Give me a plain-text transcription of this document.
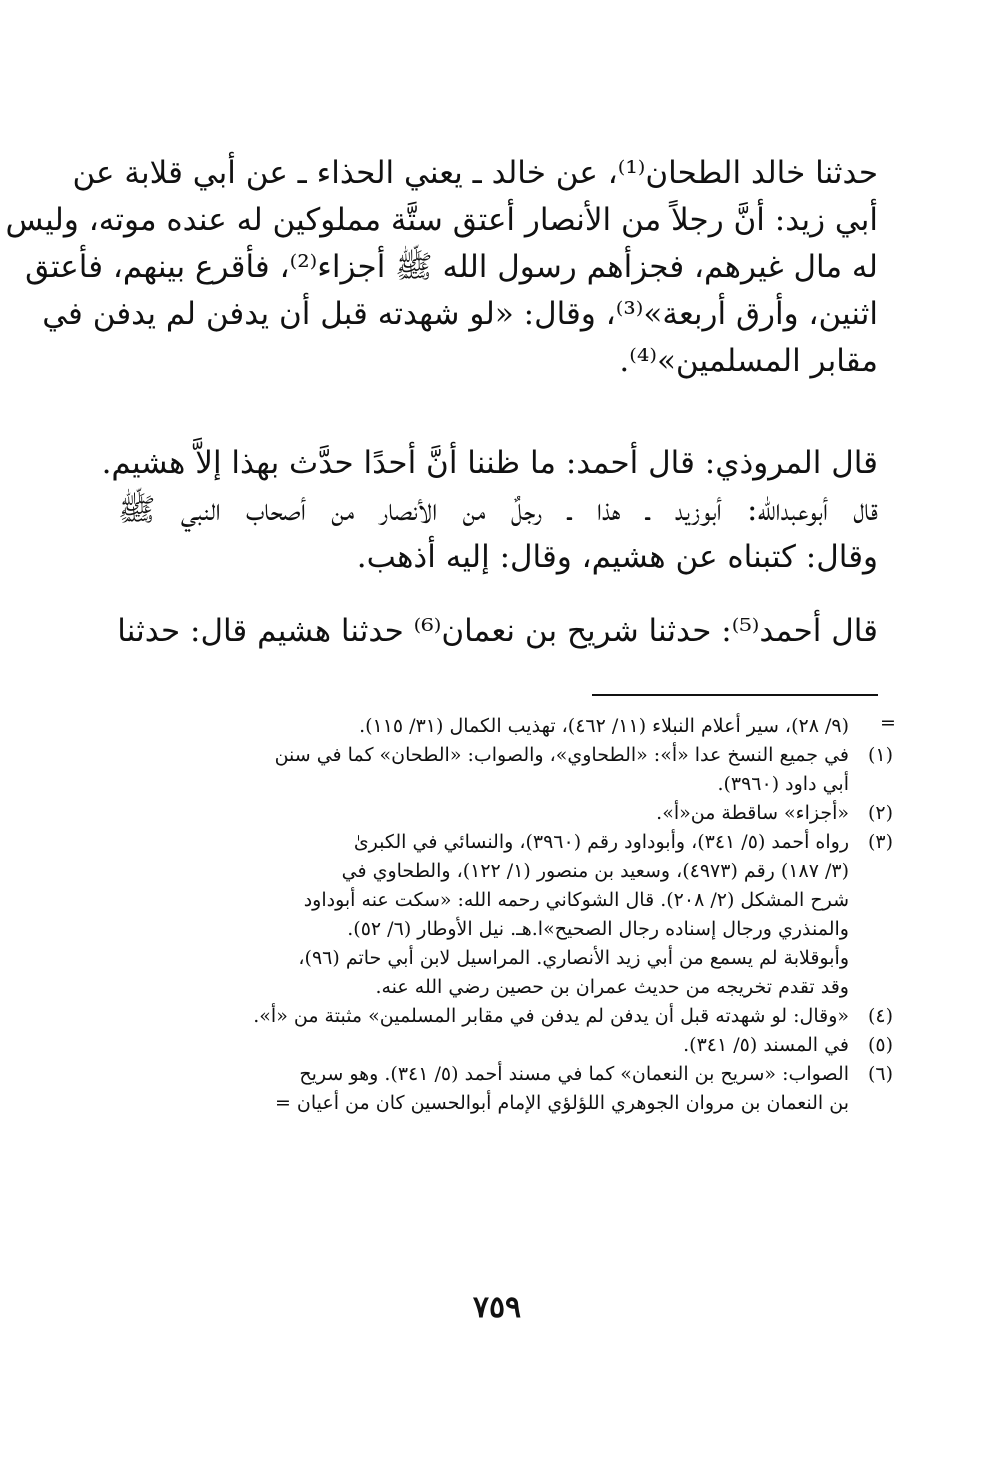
حدثنا خالد الطحان⁽¹⁾، عن خالد ـ يعني الحذاء ـ عن أبي قلابة عن
أبي زيد: أنَّ رجلاً من الأنصار أعتق ستَّة مملوكين له عنده موته، وليس
له مال غيرهم، فجزأهم رسول الله ﷺ أجزاء⁽²⁾، فأقرع بينهم، فأعتق
اثنين، وأرق أربعة»⁽³⁾، وقال: «لو شهدته قبل أن يدفن لم يدفن في
مقابر المسلمين»⁽⁴⁾.
قال المروذي: قال أحمد: ما ظننا أنَّ أحدًا حدَّث بهذا إلاَّ هشيم.
قال أبوعبدالله: أبوزيد ـ هذا ـ رجلٌ من الأنصار من أصحاب النبي ﷺ
وقال: كتبناه عن هشيم، وقال: إليه أذهب.
قال أحمد⁽⁵⁾: حدثنا شريح بن نعمان⁽⁶⁾ حدثنا هشيم قال: حدثنا
=
(٩/ ٢٨)، سير أعلام النبلاء (١١/ ٤٦٢)، تهذيب الكمال (٣١/ ١١٥).
(١)
في جميع النسخ عدا «أ»: «الطحاوي»، والصواب: «الطحان» كما في سنن
أبي داود (٣٩٦٠).
(٢)
«أجزاء» ساقطة من«أ».
(٣)
رواه أحمد (٥/ ٣٤١)، وأبوداود رقم (٣٩٦٠)، والنسائي في الكبرىٰ
(٣/ ١٨٧) رقم (٤٩٧٣)، وسعيد بن منصور (١/ ١٢٢)، والطحاوي في
شرح المشكل (٢/ ٢٠٨). قال الشوكاني رحمه الله: «سكت عنه أبوداود
والمنذري ورجال إسناده رجال الصحيح»ا.هـ. نيل الأوطار (٦/ ٥٢).
وأبوقلابة لم يسمع من أبي زيد الأنصاري. المراسيل لابن أبي حاتم (٩٦)،
وقد تقدم تخريجه من حديث عمران بن حصين رضي الله عنه.
(٤)
«وقال: لو شهدته قبل أن يدفن لم يدفن في مقابر المسلمين» مثبتة من «أ».
(٥)
في المسند (٥/ ٣٤١).
(٦)
الصواب: «سريح بن النعمان» كما في مسند أحمد (٥/ ٣٤١). وهو سريح
بن النعمان بن مروان الجوهري اللؤلؤي الإمام أبوالحسين كان من أعيان =
٧٥٩
